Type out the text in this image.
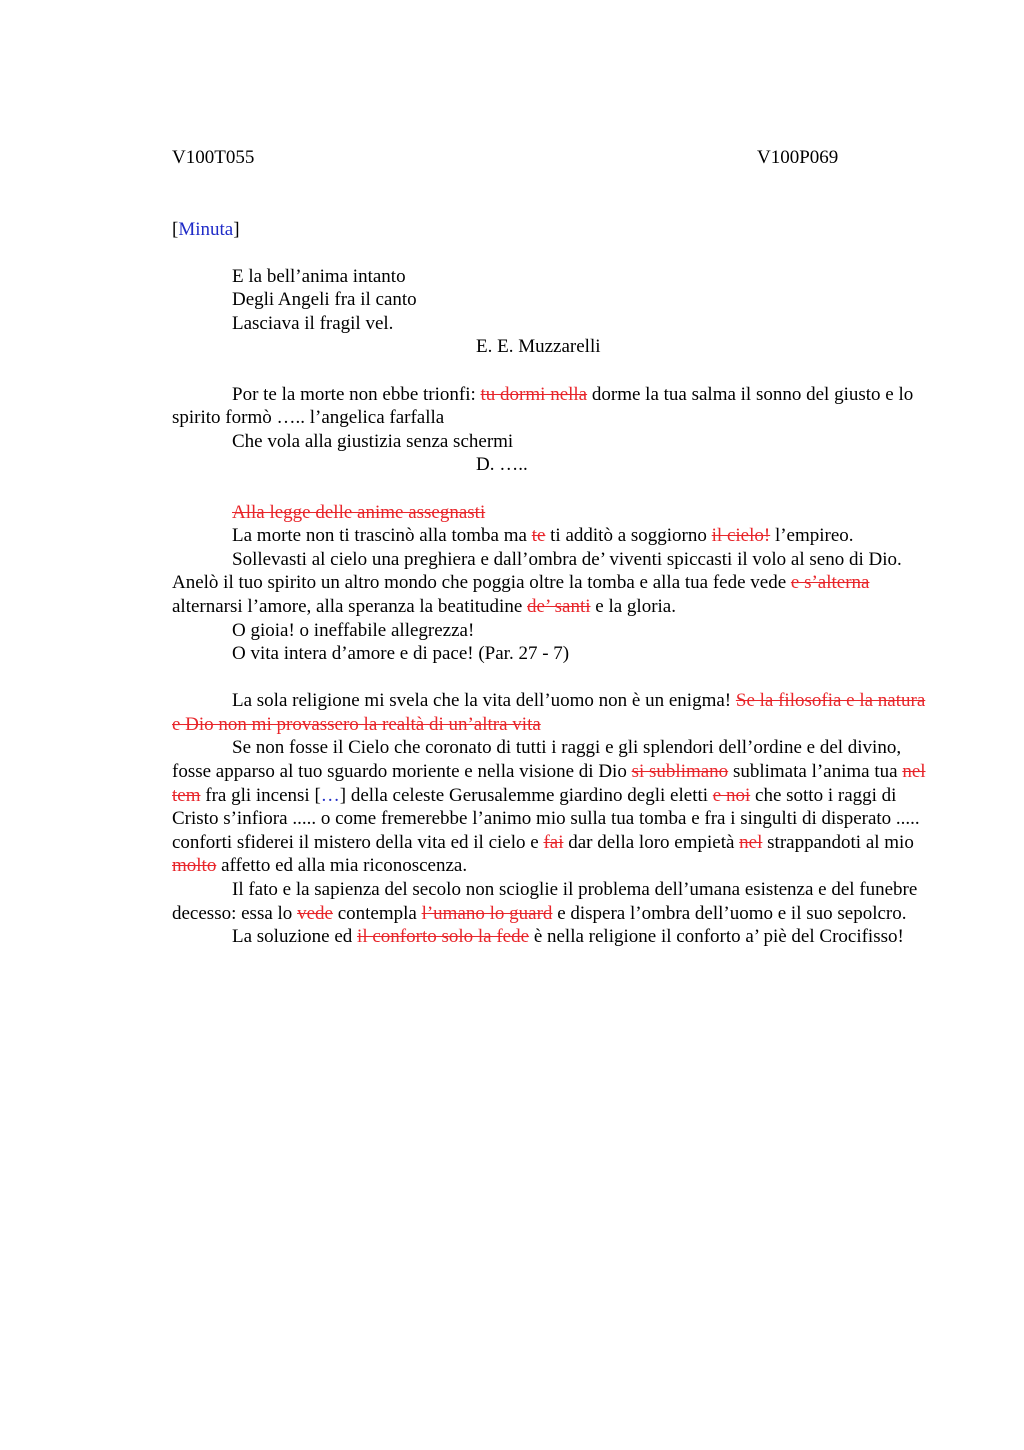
V100T055	V100P069
[Minuta]

E la bell’anima intanto

Degli Angeli fra il canto

Lasciava il fragil vel.

E. E. Muzzarelli

Por te la morte non ebbe trionfi: tu dormi nella dorme la tua salma il sonno del giusto e lo spirito formò ….. l’angelica farfalla

Che vola alla giustizia senza schermi

D. …..

Alla legge delle anime assegnasti

La morte non ti trascinò alla tomba ma te ti additò a soggiorno il cielo! l’empireo.

Sollevasti al cielo una preghiera e dall’ombra de’ viventi spiccasti il volo al seno di Dio. Anelò il tuo spirito un altro mondo che poggia oltre la tomba e alla tua fede vede e s’alterna alternarsi l’amore, alla speranza la beatitudine de’ santi e la gloria.

O gioia! o ineffabile allegrezza!

O vita intera d’amore e di pace! (Par. 27 - 7)

La sola religione mi svela che la vita dell’uomo non è un enigma! Se la filosofia e la natura e Dio non mi provassero la realtà di un’altra vita

Se non fosse il Cielo che coronato di tutti i raggi e gli splendori dell’ordine e del divino, fosse apparso al tuo sguardo moriente e nella visione di Dio si sublimano sublimata l’anima tua nel tem fra gli incensi […] della celeste Gerusalemme giardino degli eletti e noi che sotto i raggi di Cristo s’infiora ..... o come fremerebbe l’animo mio sulla tua tomba e fra i singulti di disperato ..... conforti sfiderei il mistero della vita ed il cielo e fai dar della loro empietà nel strappandoti al mio molto affetto ed alla mia riconoscenza.

Il fato e la sapienza del secolo non scioglie il problema dell’umana esistenza e del funebre decesso: essa lo vede contempla l’umano lo guard e dispera l’ombra dell’uomo e il suo sepolcro.

La soluzione ed il conforto solo la fede è nella religione il conforto a’ piè del Crocifisso!
